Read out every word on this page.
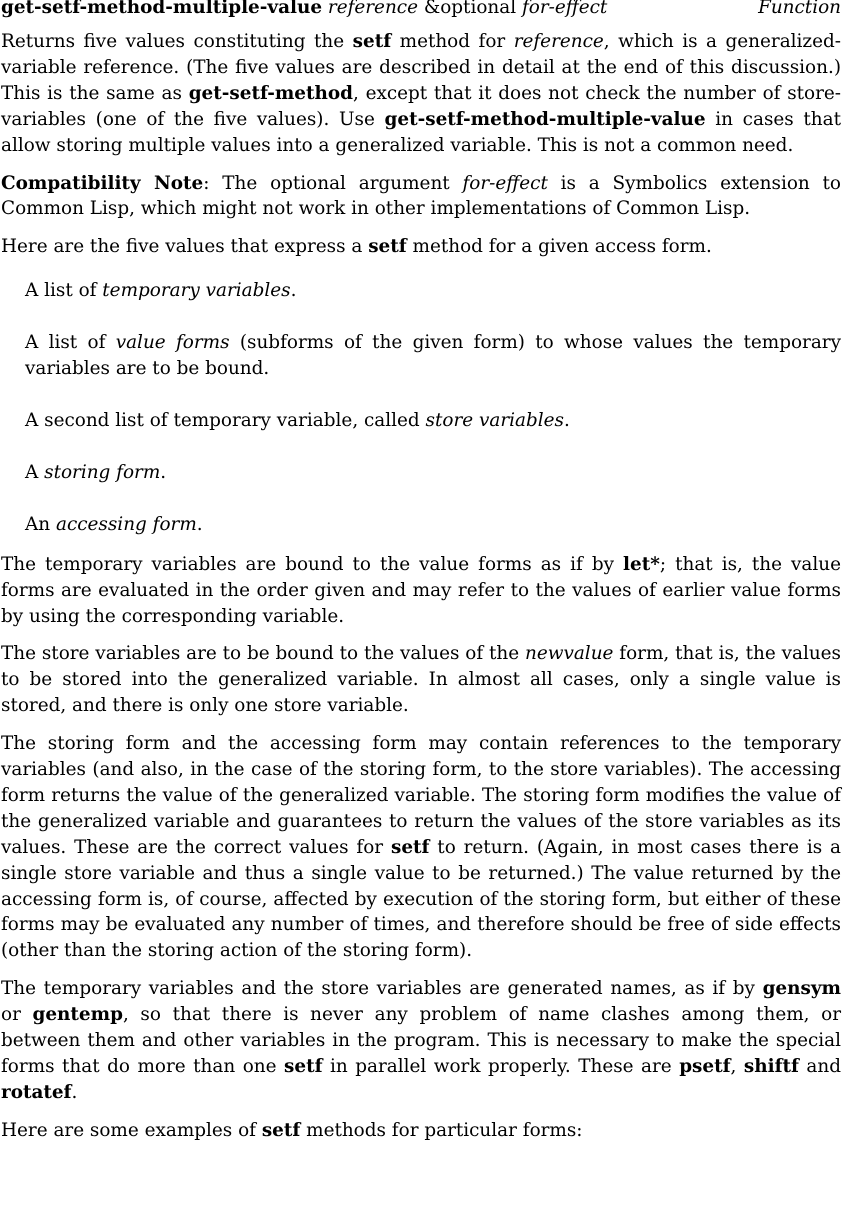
get-setf-method-multiple-value reference &optional for-effect	Function

Returns five values constituting the setf method for reference, which is a generalized-variable reference. (The five values are described in detail at the end of this discussion.) This is the same as get-setf-method, except that it does not check the number of store-variables (one of the five values). Use get-setf-method-multiple-​value in cases that allow storing multiple values into a generalized variable. This is not a common need.

Compatibility Note: The optional argument for-effect is a Symbolics extension to Common Lisp, which might not work in other implementations of Common Lisp.

Here are the five values that express a setf method for a given access form.

A list of temporary variables.
A list of value forms (subforms of the given form) to whose values the temporary variables are to be bound.
A second list of temporary variable, called store variables.
A storing form.
An accessing form.

The temporary variables are bound to the value forms as if by let*; that is, the value forms are evaluated in the order given and may refer to the values of earlier value forms by using the corresponding variable.

The store variables are to be bound to the values of the newvalue form, that is, the values to be stored into the generalized variable. In almost all cases, only a single value is stored, and there is only one store variable.

The storing form and the accessing form may contain references to the temporary variables (and also, in the case of the storing form, to the store variables). The accessing form returns the value of the generalized variable. The storing form modifies the value of the generalized variable and guarantees to return the values of the store variables as its values. These are the correct values for setf to return. (Again, in most cases there is a single store variable and thus a single value to be returned.) The value returned by the accessing form is, of course, affected by execution of the storing form, but either of these forms may be evaluated any number of times, and therefore should be free of side effects (other than the storing action of the storing form).

The temporary variables and the store variables are generated names, as if by gensym or gentemp, so that there is never any problem of name clashes among them, or between them and other variables in the program. This is necessary to make the special forms that do more than one setf in parallel work properly. These are psetf, shiftf and rotatef.

Here are some examples of setf methods for particular forms:
